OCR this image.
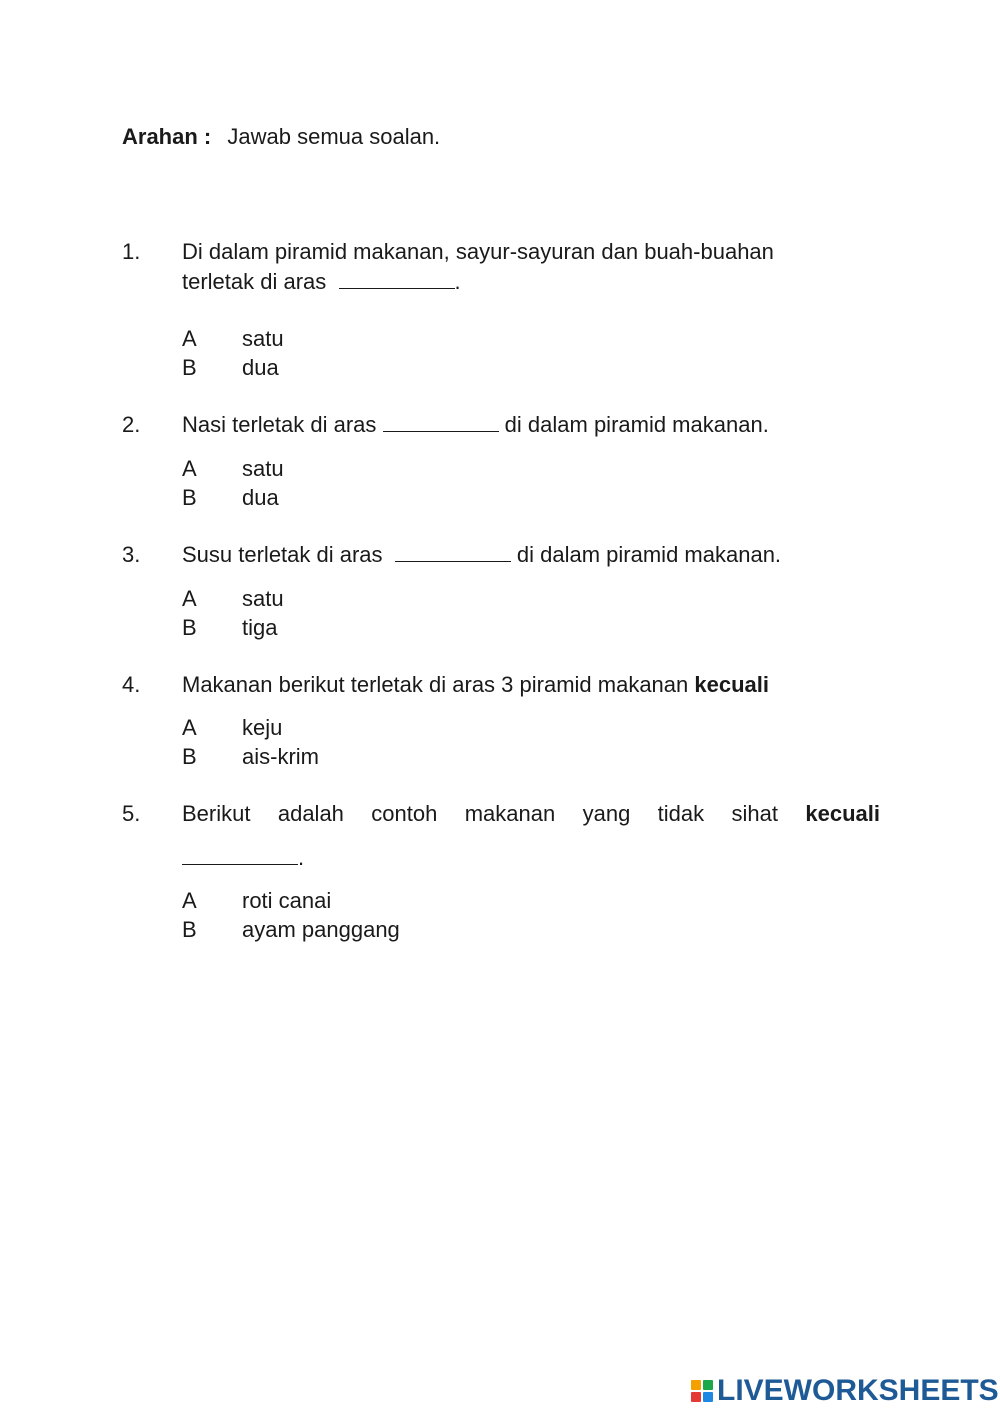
Arahan : Jawab semua soalan.
1. Di dalam piramid makanan, sayur-sayuran dan buah-buahan
terletak di aras	.
A satu
B dua
2. Nasi terletak di aras	di dalam piramid makanan.
A satu
B dua
3. Susu terletak di aras	di dalam piramid makanan.
A satu
B tiga
4. Makanan berikut terletak di aras 3 piramid makanan kecuali
A keju
B ais-krim
5. Berikut adalah contoh makanan yang tidak sihat kecuali
.
A roti canai
B ayam panggang
LIVEWORKSHEETS
